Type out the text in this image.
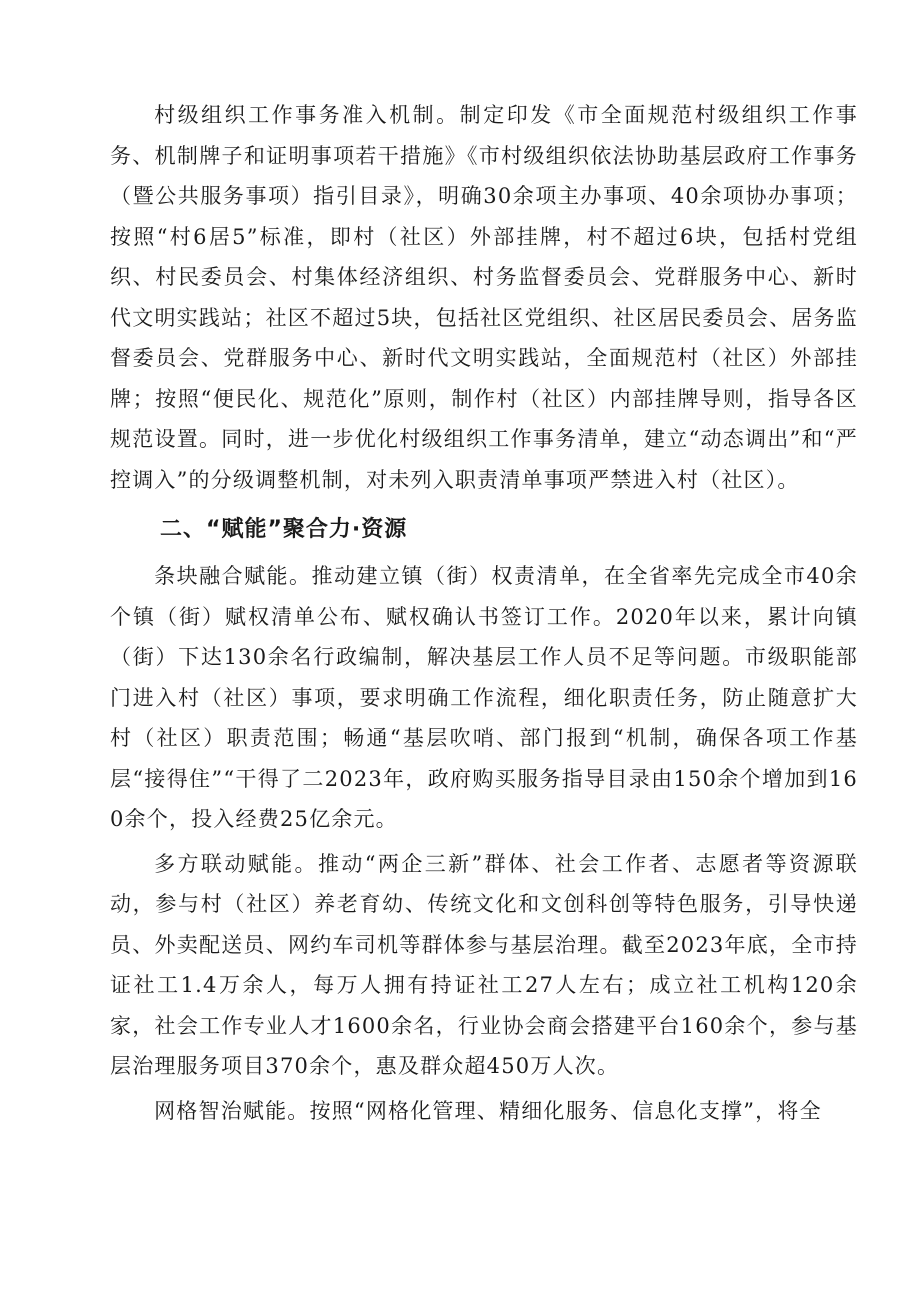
村级组织工作事务准入机制。制定印发《市全面规范村级组织工作事务、机制牌子和证明事项若干措施》《市村级组织依法协助基层政府工作事务（暨公共服务事项）指引目录》，明确30余项主办事项、40余项协办事项；按照“村6居5”标准，即村（社区）外部挂牌，村不超过6块，包括村党组织、村民委员会、村集体经济组织、村务监督委员会、党群服务中心、新时代文明实践站；社区不超过5块，包括社区党组织、社区居民委员会、居务监督委员会、党群服务中心、新时代文明实践站，全面规范村（社区）外部挂牌；按照“便民化、规范化”原则，制作村（社区）内部挂牌导则，指导各区规范设置。同时，进一步优化村级组织工作事务清单，建立“动态调出”和“严控调入”的分级调整机制，对未列入职责清单事项严禁进入村（社区）。

二、“赋能”聚合力·资源

条块融合赋能。推动建立镇（街）权责清单，在全省率先完成全市40余个镇（街）赋权清单公布、赋权确认书签订工作。2020年以来，累计向镇（街）下达130余名行政编制，解决基层工作人员不足等问题。市级职能部门进入村（社区）事项，要求明确工作流程，细化职责任务，防止随意扩大村（社区）职责范围；畅通“基层吹哨、部门报到“机制，确保各项工作基层“接得住”“干得了二2023年，政府购买服务指导目录由150余个增加到160余个，投入经费25亿余元。

多方联动赋能。推动“两企三新”群体、社会工作者、志愿者等资源联动，参与村（社区）养老育幼、传统文化和文创科创等特色服务，引导快递员、外卖配送员、网约车司机等群体参与基层治理。截至2023年底，全市持证社工1.4万余人，每万人拥有持证社工27人左右；成立社工机构120余家，社会工作专业人才1600余名，行业协会商会搭建平台160余个，参与基层治理服务项目370余个，惠及群众超450万人次。

网格智治赋能。按照“网格化管理、精细化服务、信息化支撑”，将全
